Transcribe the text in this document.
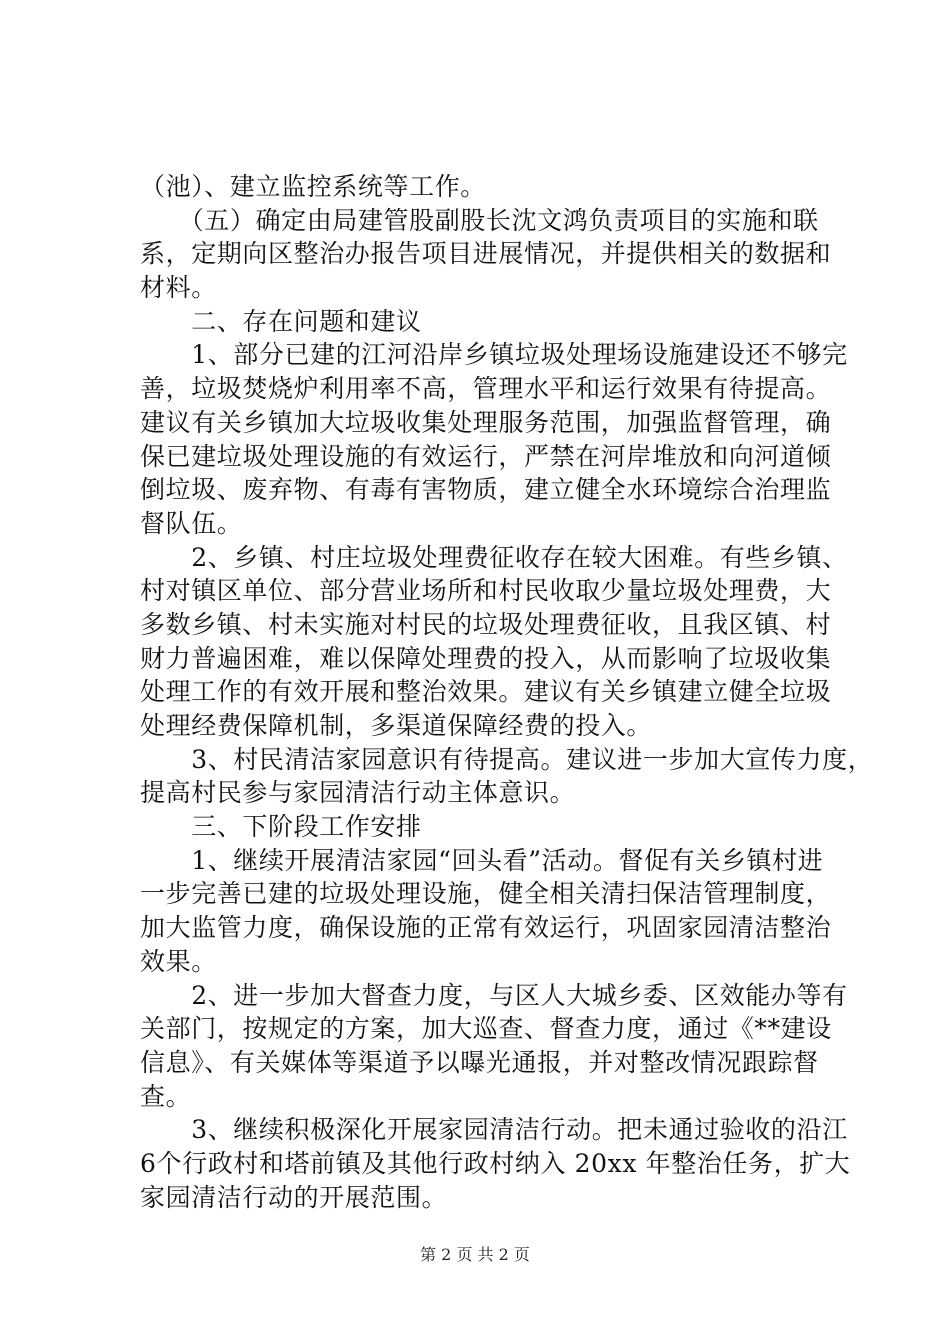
（池）、建立监控系统等工作。
　　（五）确定由局建管股副股长沈文鸿负责项目的实施和联
系，定期向区整治办报告项目进展情况，并提供相关的数据和
材料。
　　二、存在问题和建议
　　1、部分已建的江河沿岸乡镇垃圾处理场设施建设还不够完
善，垃圾焚烧炉利用率不高，管理水平和运行效果有待提高。
建议有关乡镇加大垃圾收集处理服务范围，加强监督管理，确
保已建垃圾处理设施的有效运行，严禁在河岸堆放和向河道倾
倒垃圾、废弃物、有毒有害物质，建立健全水环境综合治理监
督队伍。
　　2、乡镇、村庄垃圾处理费征收存在较大困难。有些乡镇、
村对镇区单位、部分营业场所和村民收取少量垃圾处理费，大
多数乡镇、村未实施对村民的垃圾处理费征收，且我区镇、村
财力普遍困难，难以保障处理费的投入，从而影响了垃圾收集
处理工作的有效开展和整治效果。建议有关乡镇建立健全垃圾
处理经费保障机制，多渠道保障经费的投入。
　　3、村民清洁家园意识有待提高。建议进一步加大宣传力度，
提高村民参与家园清洁行动主体意识。
　　三、下阶段工作安排
　　1、继续开展清洁家园“回头看”活动。督促有关乡镇村进
一步完善已建的垃圾处理设施，健全相关清扫保洁管理制度，
加大监管力度，确保设施的正常有效运行，巩固家园清洁整治
效果。
　　2、进一步加大督查力度，与区人大城乡委、区效能办等有
关部门，按规定的方案，加大巡查、督查力度，通过《**建设
信息》、有关媒体等渠道予以曝光通报，并对整改情况跟踪督
查。
　　3、继续积极深化开展家园清洁行动。把未通过验收的沿江
6个行政村和塔前镇及其他行政村纳入 20xx 年整治任务，扩大
家园清洁行动的开展范围。
第 2 页 共 2 页
